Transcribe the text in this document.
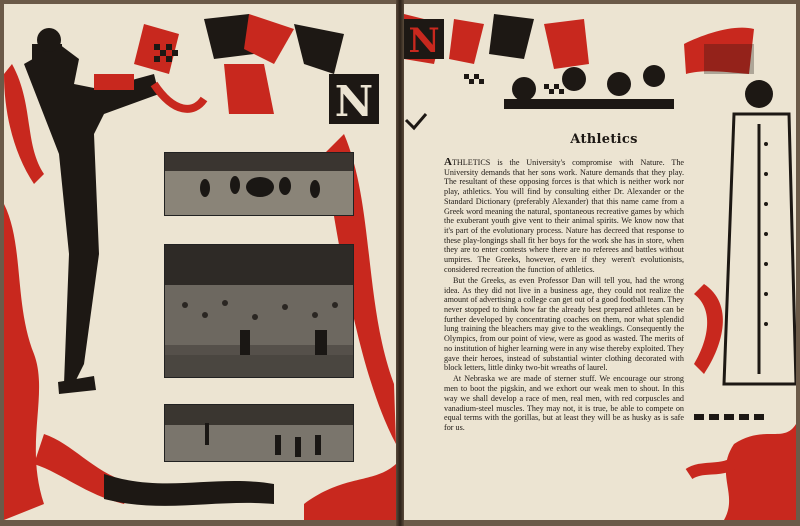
N
N
Athletics

ATHLETICS is the University's compromise with Nature. The University demands that her sons work. Nature demands that they play. The resultant of these opposing forces is that which is neither work nor play, athletics. You will find by consulting either Dr. Alexander or the Standard Dictionary (preferably Alexander) that this name came from a Greek word meaning the natural, spontaneous recreative games by which the exuberant youth give vent to their animal spirits. We know now that it's part of the evolutionary process. Nature has decreed that response to these play-longings shall fit her boys for the work she has in store, when they are to enter contests where there are no referees and battles without umpires. The Greeks, however, even if they weren't evolutionists, considered recreation the function of athletics.

But the Greeks, as even Professor Dan will tell you, had the wrong idea. As they did not live in a business age, they could not realize the amount of advertising a college can get out of a good football team. They never stopped to think how far the already best prepared athletes can be further developed by concentrating coaches on them, nor what splendid lung training the bleachers may give to the weaklings. Consequently the Olympics, from our point of view, were as good as wasted. The merits of no institution of higher learning were in any wise thereby exploited. They gave their heroes, instead of substantial winter clothing decorated with block letters, little dinky two-bit wreaths of laurel.

At Nebraska we are made of sterner stuff. We encourage our strong men to boot the pigskin, and we exhort our weak men to shout. In this way we shall develop a race of men, real men, with red corpuscles and vanadium-steel muscles. They may not, it is true, be able to compete on equal terms with the gorillas, but at least they will be as husky as is safe for us.
